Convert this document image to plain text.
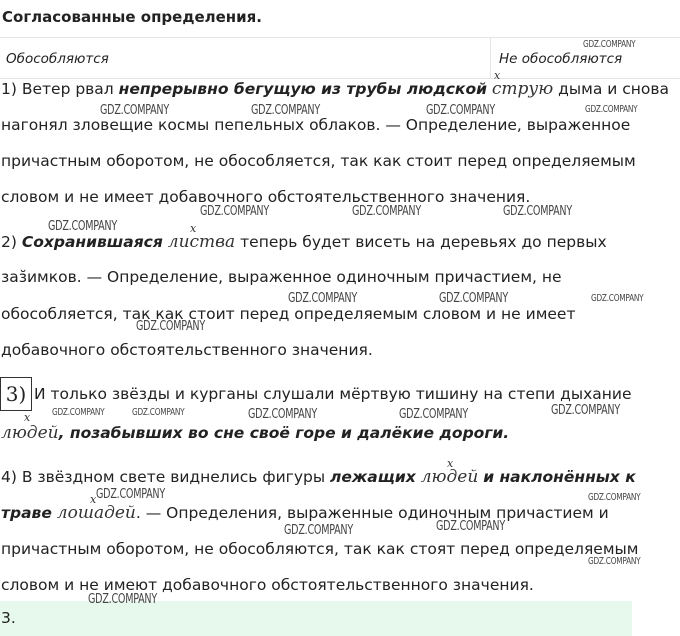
Согласованные определения.
Обособляются	Не обособляются
1) Ветер рвал непрерывно бегущую из трубы людской струю дыма и снова
x
нагонял зловещие космы пепельных облаков. — Определение, выраженное
причастным оборотом, не обособляется, так как стоит перед определяемым
словом и не имеет добавочного обстоятельственного значения.
2) Сохранившаяся листва теперь будет висеть на деревьях до первых
x
заз̆имков. — Определение, выраженное одиночным причастием, не
обособляется, так как стоит перед определяемым словом и не имеет
добавочного обстоятельственного значения.
3) И только звёзды и курганы слушали мёртвую тишину на степи дыхание
x
людей, позабывших во сне своё горе и далёкие дороги.
4) В звёздном свете виднелись фигуры лежащих людей и наклонённых к
x
траве лошадей. — Определения, выраженные одиночным причастием и
x
причастным оборотом, не обособляются, так как стоят перед определяемым
словом и не имеют добавочного обстоятельственного значения.
3.
GDZ.COMPANY
GDZ.COMPANY	GDZ.COMPANY	GDZ.COMPANY	GDZ.COMPANY
GDZ.COMPANY	GDZ.COMPANY	GDZ.COMPANY
GDZ.COMPANY
GDZ.COMPANY	GDZ.COMPANY	GDZ.COMPANY
GDZ.COMPANY
GDZ.COMPANY
GDZ.COMPANY	GDZ.COMPANY	GDZ.COMPANY	GDZ.COMPANY
GDZ.COMPANY	GDZ.COMPANY
GDZ.COMPANY	GDZ.COMPANY
GDZ.COMPANY
GDZ.COMPANY
